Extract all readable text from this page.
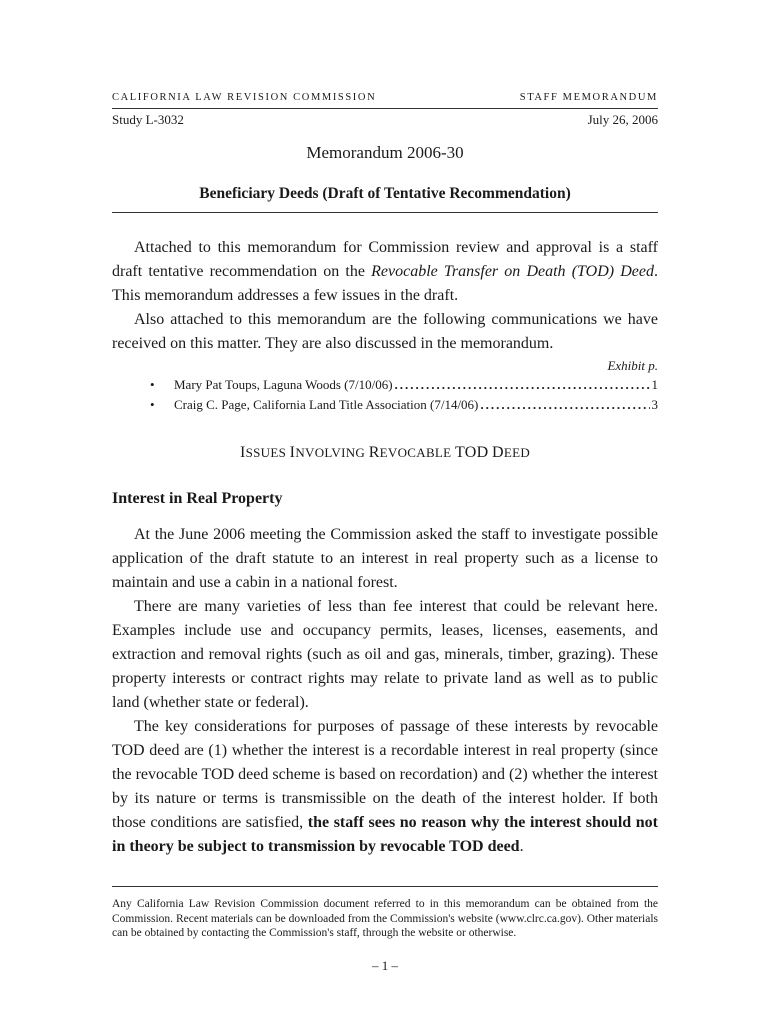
CALIFORNIA LAW REVISION COMMISSION	STAFF MEMORANDUM
Study L-3032	July 26, 2006
Memorandum 2006-30
Beneficiary Deeds (Draft of Tentative Recommendation)

Attached to this memorandum for Commission review and approval is a staff draft tentative recommendation on the Revocable Transfer on Death (TOD) Deed. This memorandum addresses a few issues in the draft.

Also attached to this memorandum are the following communications we have received on this matter. They are also discussed in the memorandum.

Exhibit p.
• Mary Pat Toups, Laguna Woods (7/10/06) .....	1
• Craig C. Page, California Land Title Association (7/14/06) .....	3
ISSUES INVOLVING REVOCABLE TOD DEED
Interest in Real Property

At the June 2006 meeting the Commission asked the staff to investigate possible application of the draft statute to an interest in real property such as a license to maintain and use a cabin in a national forest.

There are many varieties of less than fee interest that could be relevant here. Examples include use and occupancy permits, leases, licenses, easements, and extraction and removal rights (such as oil and gas, minerals, timber, grazing). These property interests or contract rights may relate to private land as well as to public land (whether state or federal).

The key considerations for purposes of passage of these interests by revocable TOD deed are (1) whether the interest is a recordable interest in real property (since the revocable TOD deed scheme is based on recordation) and (2) whether the interest by its nature or terms is transmissible on the death of the interest holder. If both those conditions are satisfied, the staff sees no reason why the interest should not in theory be subject to transmission by revocable TOD deed.

Any California Law Revision Commission document referred to in this memorandum can be obtained from the Commission. Recent materials can be downloaded from the Commission's website (www.clrc.ca.gov). Other materials can be obtained by contacting the Commission's staff, through the website or otherwise.
– 1 –
